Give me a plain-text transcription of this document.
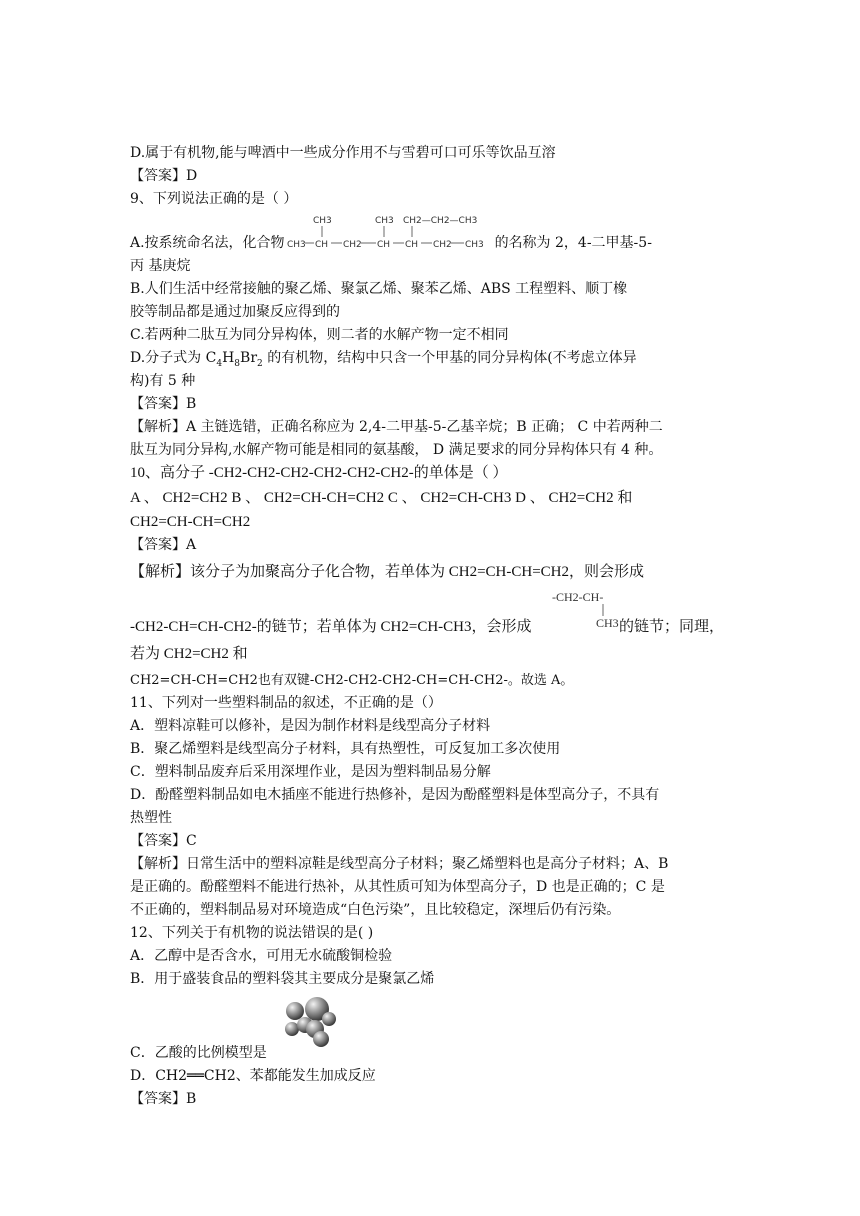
D.属于有机物,能与啤酒中一些成分作用不与雪碧可口可乐等饮品互溶
【答案】D
9、下列说法正确的是（ ）
A.按系统命名法，化合物
CH3	CH3 CH2—CH2—CH3
CH3 CH CH2 CH CH CH2 CH3 的名称为 2，4-二甲基-5-
丙 基庚烷
B.人们生活中经常接触的聚乙烯、聚氯乙烯、聚苯乙烯、ABS 工程塑料、顺丁橡
胶等制品都是通过加聚反应得到的
C.若两种二肽互为同分异构体，则二者的水解产物一定不相同
D.分子式为 $C_4H_8Br_2$ 的有机物，结构中只含一个甲基的同分异构体(不考虑立体异
构)有 5 种
【答案】B
【解析】A 主链选错，正确名称应为 2,4-二甲基-5-乙基辛烷；B 正确； C 中若两种二
肽互为同分异构,水解产物可能是相同的氨基酸， D 满足要求的同分异构体只有 4 种。
10、高分子 -CH2-CH2-CH2-CH2-CH2-CH2-的单体是（ ）
A 、 CH2=CH2 B 、 CH2=CH-CH=CH2 C 、 CH2=CH-CH3 D 、 CH2=CH2 和
CH2=CH-CH=CH2
【答案】A
【解析】该分子为加聚高分子化合物，若单体为 CH2=CH-CH=CH2，则会形成
-CH2-CH=CH-CH2-的链节；若单体为 CH2=CH-CH3，会形成	的链节；同理，
-CH2-CH-
CH3
若为 CH2=CH2 和
CH2=CH-CH=CH2也有双键-CH2-CH2-CH2-CH=CH-CH2-。故选 A。
11、下列对一些塑料制品的叙述，不正确的是（）
A．塑料凉鞋可以修补，是因为制作材料是线型高分子材料
B．聚乙烯塑料是线型高分子材料，具有热塑性，可反复加工多次使用
C．塑料制品废弃后采用深埋作业，是因为塑料制品易分解
D．酚醛塑料制品如电木插座不能进行热修补，是因为酚醛塑料是体型高分子，不具有
热塑性
【答案】C
【解析】日常生活中的塑料凉鞋是线型高分子材料；聚乙烯塑料也是高分子材料；A、B
是正确的。酚醛塑料不能进行热补，从其性质可知为体型高分子，D 也是正确的；C 是
不正确的，塑料制品易对环境造成“白色污染”，且比较稳定，深埋后仍有污染。
12、下列关于有机物的说法错误的是( )
A．乙醇中是否含水，可用无水硫酸铜检验
B．用于盛装食品的塑料袋其主要成分是聚氯乙烯
C．乙酸的比例模型是
D．CH2══CH2、苯都能发生加成反应
【答案】B
